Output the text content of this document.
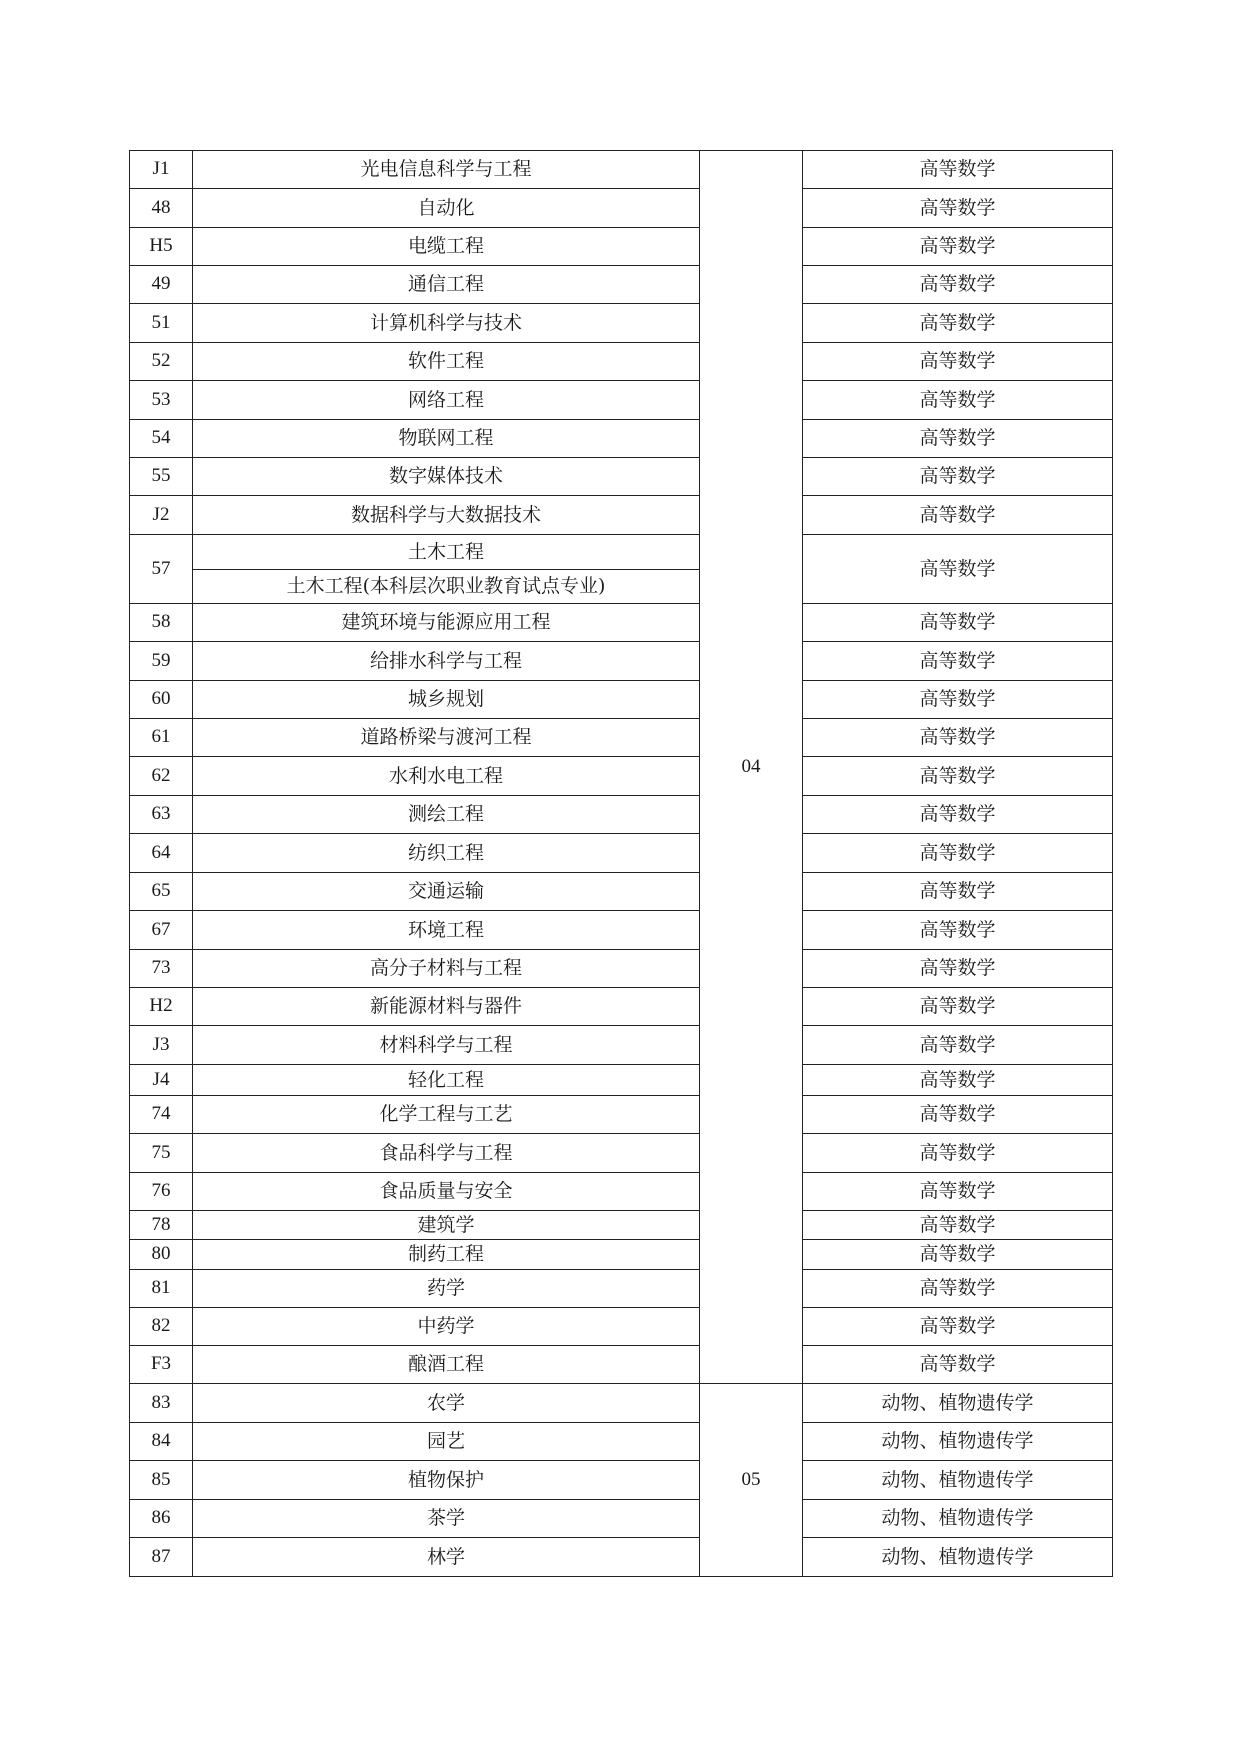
J1	光电信息科学与工程	04	高等数学
48	自动化		高等数学
H5	电缆工程		高等数学
49	通信工程		高等数学
51	计算机科学与技术		高等数学
52	软件工程		高等数学
53	网络工程		高等数学
54	物联网工程		高等数学
55	数字媒体技术		高等数学
J2	数据科学与大数据技术		高等数学
57	土木工程		高等数学
	土木工程(本科层次职业教育试点专业)		
58	建筑环境与能源应用工程		高等数学
59	给排水科学与工程		高等数学
60	城乡规划		高等数学
61	道路桥梁与渡河工程		高等数学
62	水利水电工程		高等数学
63	测绘工程		高等数学
64	纺织工程		高等数学
65	交通运输		高等数学
67	环境工程		高等数学
73	高分子材料与工程		高等数学
H2	新能源材料与器件		高等数学
J3	材料科学与工程		高等数学
J4	轻化工程		高等数学
74	化学工程与工艺		高等数学
75	食品科学与工程		高等数学
76	食品质量与安全		高等数学
78	建筑学		高等数学
80	制药工程		高等数学
81	药学		高等数学
82	中药学		高等数学
F3	酿酒工程		高等数学
83	农学	05	动物、植物遗传学
84	园艺		动物、植物遗传学
85	植物保护		动物、植物遗传学
86	茶学		动物、植物遗传学
87	林学		动物、植物遗传学
